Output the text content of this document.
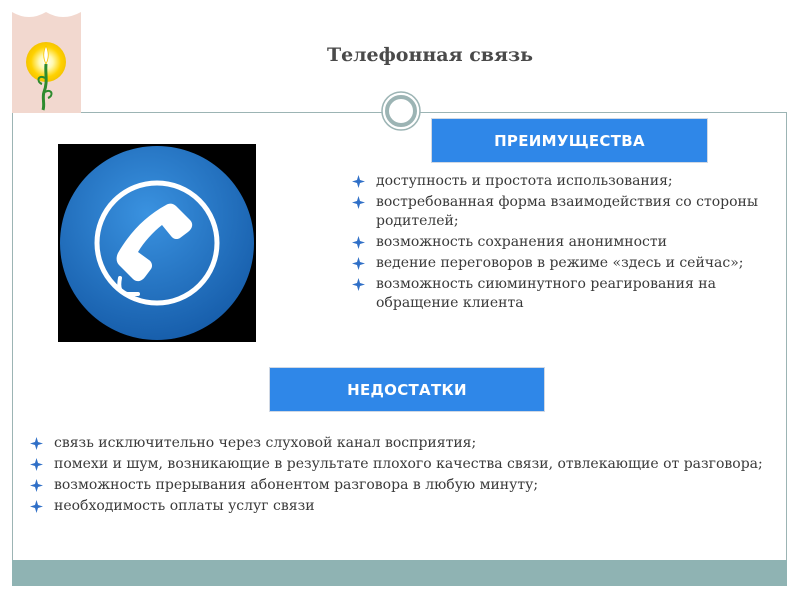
Телефонная связь
ПРЕИМУЩЕСТВА
доступность и простота использования;
востребованная форма взаимодействия со стороны родителей;
возможность сохранения анонимности
ведение переговоров в режиме «здесь и сейчас»;
возможность сиюминутного реагирования на обращение клиента
НЕДОСТАТКИ
связь исключительно через слуховой канал восприятия;
помехи и шум, возникающие в результате плохого качества связи, отвлекающие от разговора;
возможность прерывания абонентом разговора в любую минуту;
необходимость оплаты услуг связи
